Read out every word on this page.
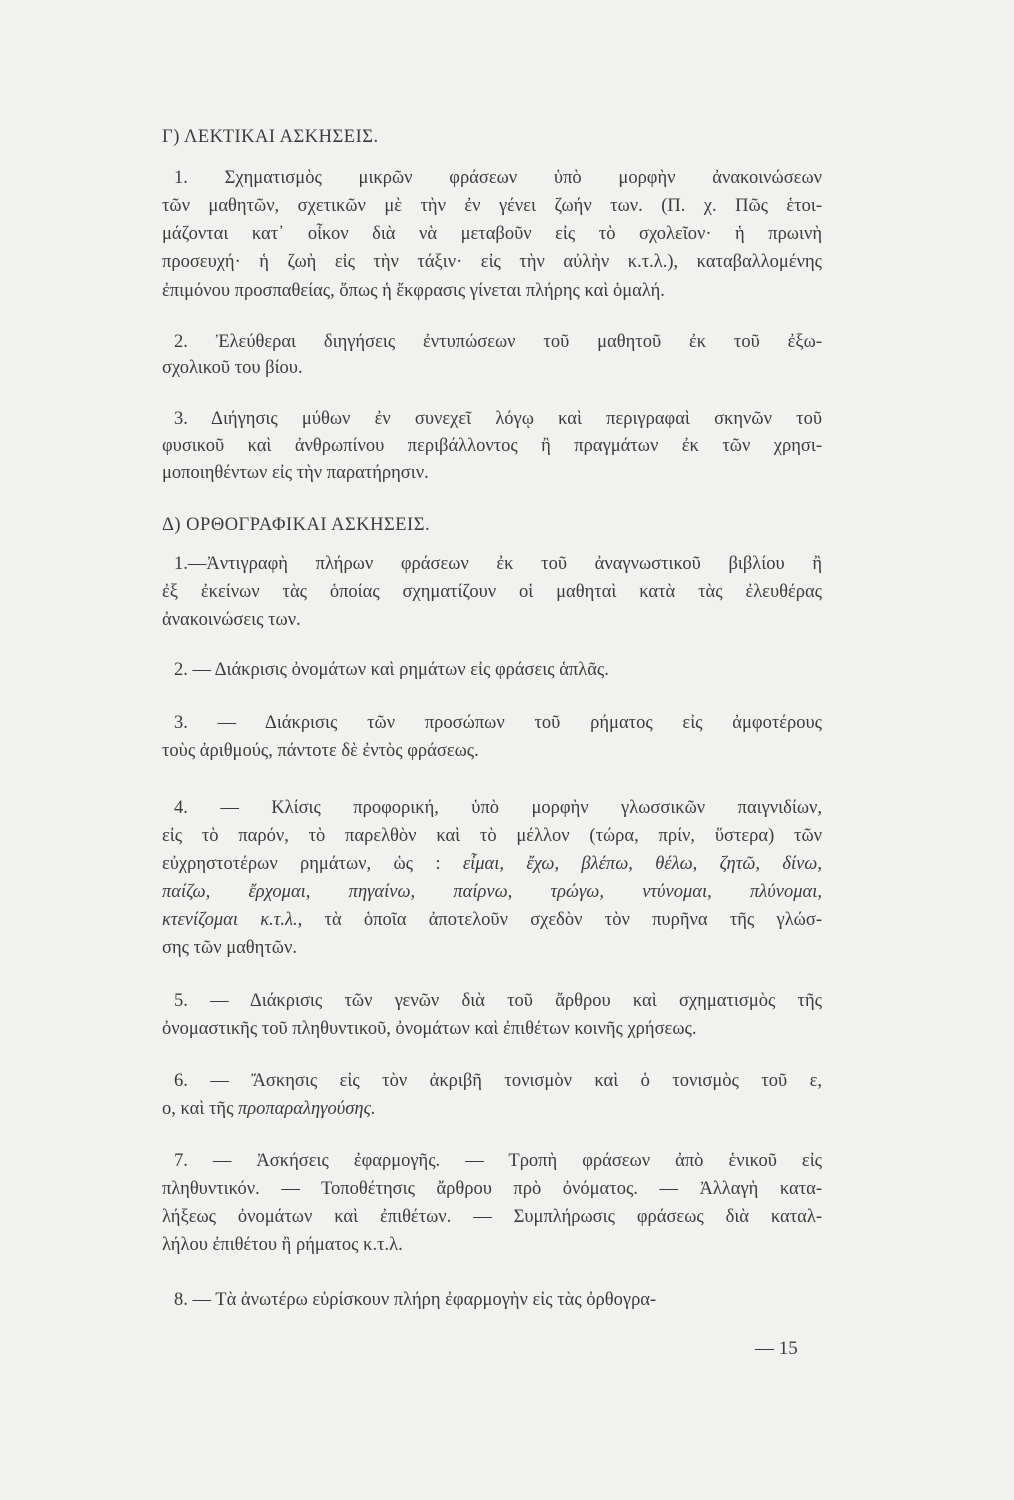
Γ) ΛΕΚΤΙΚΑΙ ΑΣΚΗΣΕΙΣ.
1. Σχηματισμὸς μικρῶν φράσεων ὑπὸ μορφὴν ἀνακοινώσεων
τῶν μαθητῶν, σχετικῶν μὲ τὴν ἐν γένει ζωήν των. (Π. χ. Πῶς ἑτοι-
μάζονται κατ᾽ οἶκον διὰ νὰ μεταβοῦν εἰς τὸ σχολεῖον· ἡ πρωινὴ
προσευχή· ἡ ζωὴ εἰς τὴν τάξιν· εἰς τὴν αὐλὴν κ.τ.λ.), καταβαλλομένης
ἐπιμόνου προσπαθείας, ὅπως ἡ ἔκφρασις γίνεται πλήρης καὶ ὁμαλή.
2. Ἐλεύθεραι διηγήσεις ἐντυπώσεων τοῦ μαθητοῦ ἐκ τοῦ ἐξω-
σχολικοῦ του βίου.
3. Διήγησις μύθων ἐν συνεχεῖ λόγῳ καὶ περιγραφαὶ σκηνῶν τοῦ
φυσικοῦ καὶ ἀνθρωπίνου περιβάλλοντος ἢ πραγμάτων ἐκ τῶν χρησι-
μοποιηθέντων εἰς τὴν παρατήρησιν.
Δ) ΟΡΘΟΓΡΑΦΙΚΑΙ ΑΣΚΗΣΕΙΣ.
1.—Ἀντιγραφὴ πλήρων φράσεων ἐκ τοῦ ἀναγνωστικοῦ βιβλίου ἢ
ἐξ ἐκείνων τὰς ὁποίας σχηματίζουν οἱ μαθηταὶ κατὰ τὰς ἐλευθέρας
ἀνακοινώσεις των.
2. — Διάκρισις ὀνομάτων καὶ ρημάτων εἰς φράσεις ἁπλᾶς.
3. — Διάκρισις τῶν προσώπων τοῦ ρήματος εἰς ἀμφοτέρους
τοὺς ἀριθμούς, πάντοτε δὲ ἐντὸς φράσεως.
4. — Κλίσις προφορική, ὑπὸ μορφὴν γλωσσικῶν παιγνιδίων,
εἰς τὸ παρόν, τὸ παρελθὸν καὶ τὸ μέλλον (τώρα, πρίν, ὕστερα) τῶν
εὐχρηστοτέρων ρημάτων, ὡς : εἶμαι, ἔχω, βλέπω, θέλω, ζητῶ, δίνω,
παίζω, ἔρχομαι, πηγαίνω, παίρνω, τρώγω, ντύνομαι, πλύνομαι,
κτενίζομαι κ.τ.λ., τὰ ὁποῖα ἀποτελοῦν σχεδὸν τὸν πυρῆνα τῆς γλώσ-
σης τῶν μαθητῶν.
5. — Διάκρισις τῶν γενῶν διὰ τοῦ ἄρθρου καὶ σχηματισμὸς τῆς
ὀνομαστικῆς τοῦ πληθυντικοῦ, ὀνομάτων καὶ ἐπιθέτων κοινῆς χρήσεως.
6. — Ἄσκησις εἰς τὸν ἀκριβῆ τονισμὸν καὶ ὁ τονισμὸς τοῦ ε,
ο, καὶ τῆς προπαραληγούσης.
7. — Ἀσκήσεις ἐφαρμογῆς. — Τροπὴ φράσεων ἀπὸ ἑνικοῦ εἰς
πληθυντικόν. — Τοποθέτησις ἄρθρου πρὸ ὀνόματος. — Ἀλλαγὴ κατα-
λήξεως ὀνομάτων καὶ ἐπιθέτων. — Συμπλήρωσις φράσεως διὰ καταλ-
λήλου ἐπιθέτου ἢ ρήματος κ.τ.λ.
8. — Τὰ ἀνωτέρω εὑρίσκουν πλήρη ἐφαρμογὴν εἰς τὰς ὀρθογρα-
— 15
